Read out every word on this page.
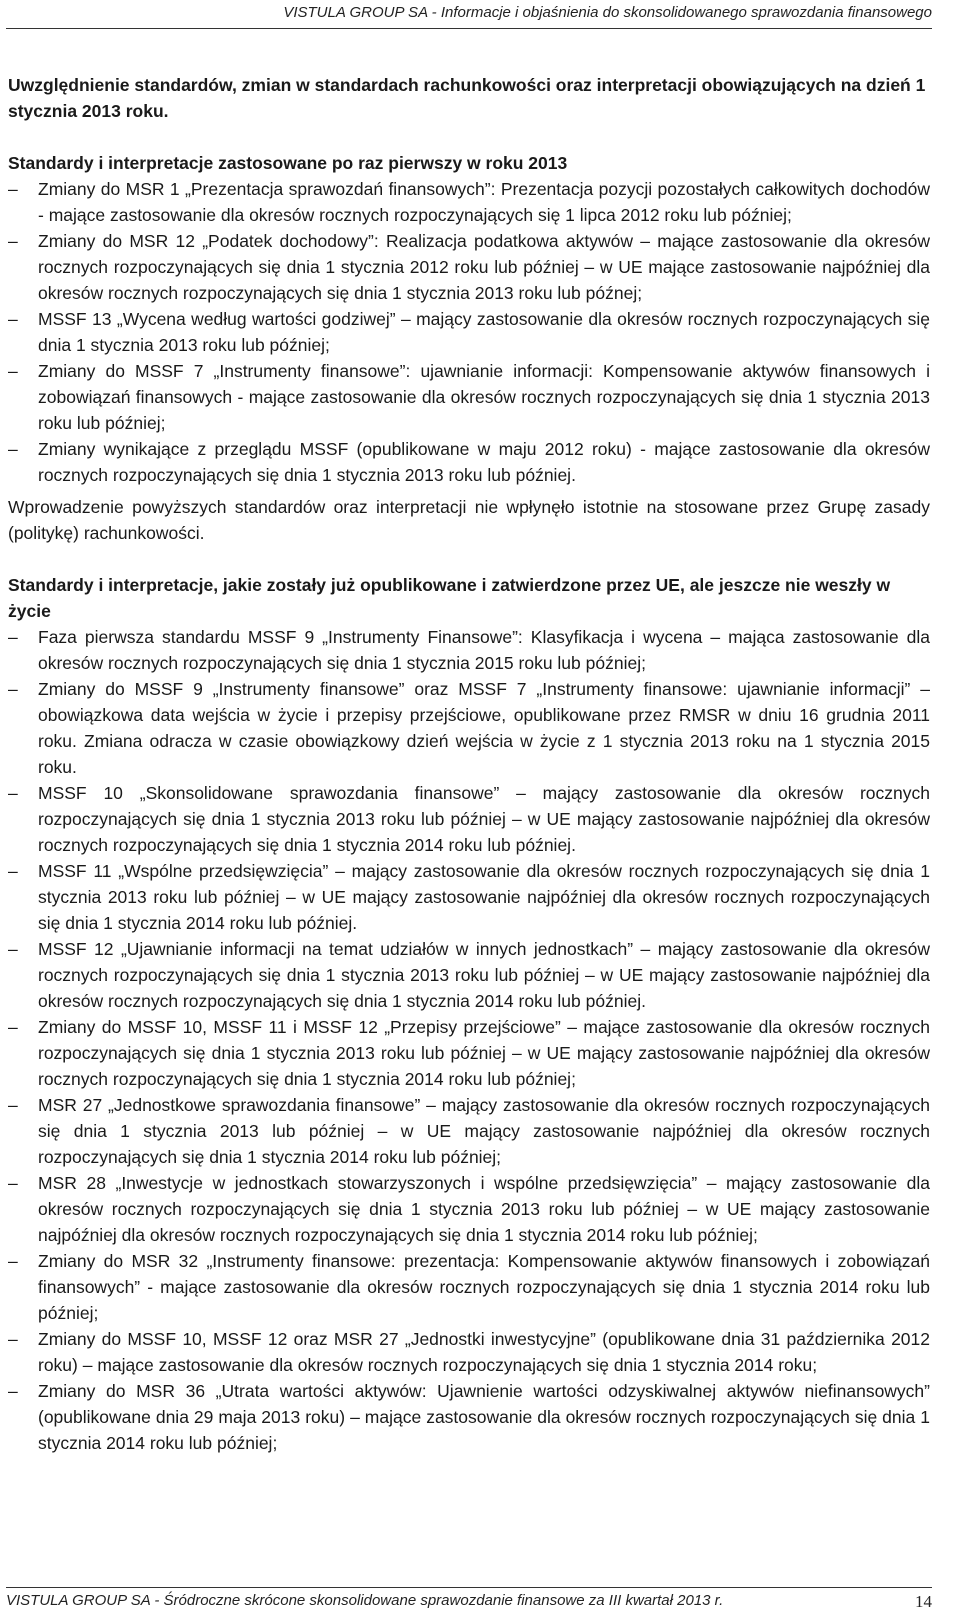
VISTULA GROUP SA - Informacje i objaśnienia do skonsolidowanego sprawozdania finansowego

Uwzględnienie standardów, zmian w standardach rachunkowości oraz interpretacji obowiązujących na dzień 1 stycznia 2013 roku.

Standardy i interpretacje zastosowane po raz pierwszy w roku 2013

–	Zmiany do MSR 1 „Prezentacja sprawozdań finansowych”: Prezentacja pozycji pozostałych całkowitych dochodów - mające zastosowanie dla okresów rocznych rozpoczynających się 1 lipca 2012 roku lub później;
–	Zmiany do MSR 12 „Podatek dochodowy”: Realizacja podatkowa aktywów – mające zastosowanie dla okresów rocznych rozpoczynających się dnia 1 stycznia 2012 roku lub później – w UE mające zastosowanie najpóźniej dla okresów rocznych rozpoczynających się dnia 1 stycznia 2013 roku lub późnej;
–	MSSF 13 „Wycena według wartości godziwej” – mający zastosowanie dla okresów rocznych rozpoczynających się dnia 1 stycznia 2013 roku lub później;
–	Zmiany do MSSF 7 „Instrumenty finansowe”: ujawnianie informacji: Kompensowanie aktywów finansowych i zobowiązań finansowych - mające zastosowanie dla okresów rocznych rozpoczynających się dnia 1 stycznia 2013 roku lub później;
–	Zmiany wynikające z przeglądu MSSF (opublikowane w maju 2012 roku) - mające zastosowanie dla okresów rocznych rozpoczynających się dnia 1 stycznia 2013 roku lub później.

Wprowadzenie powyższych standardów oraz interpretacji nie wpłynęło istotnie na stosowane przez Grupę zasady (politykę) rachunkowości.

Standardy i interpretacje, jakie zostały już opublikowane i zatwierdzone przez UE, ale jeszcze nie weszły w życie

–	Faza pierwsza standardu MSSF 9 „Instrumenty Finansowe”: Klasyfikacja i wycena – mająca zastosowanie dla okresów rocznych rozpoczynających się dnia 1 stycznia 2015 roku lub później;
–	Zmiany do MSSF 9 „Instrumenty finansowe” oraz MSSF 7 „Instrumenty finansowe: ujawnianie informacji” – obowiązkowa data wejścia w życie i przepisy przejściowe, opublikowane przez RMSR w dniu 16 grudnia 2011 roku. Zmiana odracza w czasie obowiązkowy dzień wejścia w życie z 1 stycznia 2013 roku na 1 stycznia 2015 roku.
–	MSSF 10 „Skonsolidowane sprawozdania finansowe” – mający zastosowanie dla okresów rocznych rozpoczynających się dnia 1 stycznia 2013 roku lub później – w UE mający zastosowanie najpóźniej dla okresów rocznych rozpoczynających się dnia 1 stycznia 2014 roku lub później.
–	MSSF 11 „Wspólne przedsięwzięcia” – mający zastosowanie dla okresów rocznych rozpoczynających się dnia 1 stycznia 2013 roku lub później – w UE mający zastosowanie najpóźniej dla okresów rocznych rozpoczynających się dnia 1 stycznia 2014 roku lub później.
–	MSSF 12 „Ujawnianie informacji na temat udziałów w innych jednostkach” – mający zastosowanie dla okresów rocznych rozpoczynających się dnia 1 stycznia 2013 roku lub później – w UE mający zastosowanie najpóźniej dla okresów rocznych rozpoczynających się dnia 1 stycznia 2014 roku lub później.
–	Zmiany do MSSF 10, MSSF 11 i MSSF 12 „Przepisy przejściowe” – mające zastosowanie dla okresów rocznych rozpoczynających się dnia 1 stycznia 2013 roku lub później – w UE mający zastosowanie najpóźniej dla okresów rocznych rozpoczynających się dnia 1 stycznia 2014 roku lub później;
–	MSR 27 „Jednostkowe sprawozdania finansowe” – mający zastosowanie dla okresów rocznych rozpoczynających się dnia 1 stycznia 2013 lub później – w UE mający zastosowanie najpóźniej dla okresów rocznych rozpoczynających się dnia 1 stycznia 2014 roku lub później;
–	MSR 28 „Inwestycje w jednostkach stowarzyszonych i wspólne przedsięwzięcia” – mający zastosowanie dla okresów rocznych rozpoczynających się dnia 1 stycznia 2013 roku lub później – w UE mający zastosowanie najpóźniej dla okresów rocznych rozpoczynających się dnia 1 stycznia 2014 roku lub później;
–	Zmiany do MSR 32 „Instrumenty finansowe: prezentacja: Kompensowanie aktywów finansowych i zobowiązań finansowych” - mające zastosowanie dla okresów rocznych rozpoczynających się dnia 1 stycznia 2014 roku lub później;
–	Zmiany do MSSF 10, MSSF 12 oraz MSR 27 „Jednostki inwestycyjne” (opublikowane dnia 31 października 2012 roku) – mające zastosowanie dla okresów rocznych rozpoczynających się dnia 1 stycznia 2014 roku;
–	Zmiany do MSR 36 „Utrata wartości aktywów: Ujawnienie wartości odzyskiwalnej aktywów niefinansowych” (opublikowane dnia 29 maja 2013 roku) – mające zastosowanie dla okresów rocznych rozpoczynających się dnia 1 stycznia 2014 roku lub później;
VISTULA GROUP SA - Śródroczne skrócone skonsolidowane sprawozdanie finansowe za III kwartał 2013 r.	14
